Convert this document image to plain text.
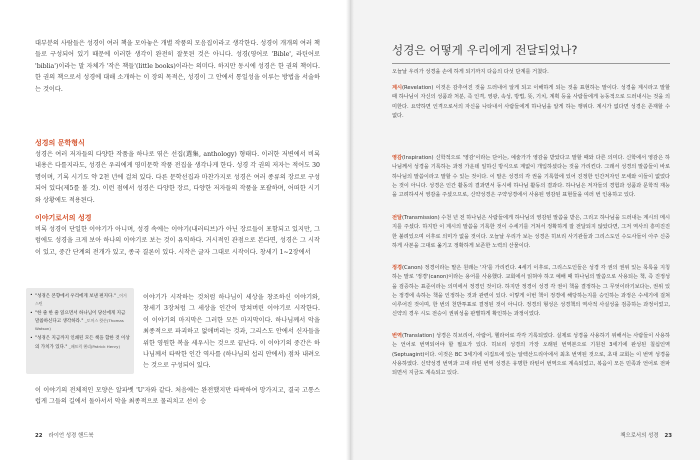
대부분의 사람들은 성경이 여러 책을 모아놓은 개별 작품의 모음집이라고 생각한다. 성경이 개개의 여러 책들로 구성되어 있기 때문에 이러한 생각이 완전히 잘못된 것은 아니다. 성경(영어로 'Bible', 라틴어로 'biblia')이라는 말 자체가 '작은 책들'(little books)이라는 의미다. 하지만 동시에 성경은 한 권의 책이다. 한 권의 책으로서 성경에 대해 소개하는 이 장의 목적은, 성경이 그 안에서 통일성을 이루는 방법을 서술하는 것이다.

성경의 문학형식

성경은 여러 저자들의 다양한 작품을 하나로 엮은 선집(選集, anthology) 형태다. 이러한 저변에서 비록 내용은 다를지라도, 성경은 우리에게 영미문학 작품 전집을 생각나게 한다. 성경 각 권의 저자는 적어도 30명이며, 기록 시기도 약 2천 년에 걸쳐 있다. 다른 문학선집과 마찬가지로 성경은 여러 종류의 장르로 구성되어 있다(제5를 볼 것). 이런 점에서 성경은 다양한 장르, 다양한 저자들의 작품을 포괄하며, 어떠한 시기와 상황에도 적용된다.

이야기로서의 성경

비록 성경이 단일한 이야기가 아니며, 성경 속에는 이야기(내러티브)가 아닌 장르들이 포함되고 있지만, 그럼에도 성경을 크게 보아 하나의 이야기로 보는 것이 유익하다. 거시적인 관점으로 본다면, 성경은 그 시작이 있고, 중간 단계의 전개가 있고, 종국 결론이 있다. 시작은 글자 그대로 시작이다. 창세기 1~2장에서

• "성경은 본향에서 우리에게 보낸 편지다." _어거스틴
• "한 줄 한 줄 읽으면서 하나님이 당신에게 지금 말씀하신다고 생각하라." _토머스 왓슨(Thomas Watson)
• "성경은 지금까지 인쇄된 모든 책을 합한 것 이상의 가치가 있다." _패트릭 헨리(Patrick Henry)

이야기가 시작하는 것처럼 하나님이 세상을 창조하신 이야기와, 창세기 3장처럼 그 세상을 인간이 망쳐버린 이야기로 시작한다. 이 이야기의 마지막은 그러한 모든 마지막이다. 하나님께서 악을 최종적으로 파괴하고 없애버리는 것과, 그리스도 안에서 신자들을 위한 영원한 복을 세우시는 것으로 끝난다. 이 이야기의 중간은 하나님께서 타락한 인간 역사를 (하나님의 섭리 안에서) 점차 내려오는 것으로 구성되어 있다.

이 이야기의 전체적인 모양은 알파벳 'U'자와 같다. 처음에는 완전했지만 타락하여 망가지고, 결국 고통스럽게 그들의 길에서 돌아서서 악을 최종적으로 물리치고 선이 승

22 라이언 성경 핸드북
성경은 어떻게 우리에게 전달되었나?

오늘날 우리가 성경을 손에 하게 되기까지 다음의 다섯 단계를 거쳤다.

계시(Revelation) 이것은 감추어진 것을 드러내어 알게 되고 이해하게 되는 것을 표현하는 말이다. 성경을 계시라고 말할 때 하나님이 자신의 성품과 처분, 즉 인격, 영광, 속성, 방법, 뜻, 기치, 계획 등을 사람들에게 능동적으로 드러내시는 것을 의미한다. 요약하면 인격으로서의 자신을 나타내서 사람들에게 하나님을 알게 하는 행위다. 계시가 없다면 성경은 존재할 수 없다.

영감(Inspiration) 신학적으로 '영감'이라는 단어는, 예술가가 영감을 받았다고 말할 때와 다른 의미다. 신학에서 영감은 하나님께서 성경을 기록하는 과정 가운데 일하신 방식으로 계없이 개입하셨다는 것을 가리킨다. 그래서 성경의 말씀들이 바로 하나님의 말씀이라고 말할 수 있는 것이다. 이 말은 성경의 각 권을 기록함에 있어 진정한 인간저자인 모세와 이들이 없었다는 것이 아니다. 성경은 인간 활동의 결과면서 동시에 하나님 활동의 결과다. 하나님은 저자들의 경험과 성품과 문학적 재능을 고려하셔서 영감을 주셨으므로, 신약성경은 구약성경에서 사용된 영감된 표현들을 여러 번 인용하고 있다.

전달(Transmission) 수천 년 전 하나님은 사람들에게 하나님의 영감된 말씀을 받은, 그리고 하나님을 드러내는 계시의 메시지를 주셨다. 하지만 이 계시의 말씀을 기록한 것이 수세기를 거쳐서 정확하게 잘 전달되지 않았다면, 그저 역사의 흥미진진한 불려있으며 이후로 의미가 없을 것이다. 오늘날 우리가 보는 성경은 히브리 사기관들과 그리스도인 수도사들이 아주 신중하게 사본을 그대로 옮기고 정확하게 보존한 노력의 산물이다.

정경(Canon) 정경이라는 말은 원래는 '자'를 가리킨다. 4세기 이후로, 그리스도인들은 성경 각 권의 권위 있는 목록을 지칭하는 말로 '정경'(canon)이라는 용어를 사용했다. 교회에서 읽혀야 하고 예배 때 하나님의 말씀으로 사용되는 책, 즉 진정성을 검증하는 표준이라는 의미에서 정경인 것이다. 하지만 정경이 성경 각 권이 책을 결정하는 그 무엇이라기보다는, 권위 있는 정경에 속하는 책을 인정하는 것과 관련이 있다. 이렇게 이번 책이 정경에 해당하는지를 승인하는 과정은 수세기에 걸쳐 이루어진 것이며, 한 번의 천반투표로 결정된 것이 아니다. 정경의 형성은 성경책의 역사적 사실성을 검증하는 과정이었고, 신약의 경우 시도 전승이 권위성을 판별하게 확인하는 과정이었다.

번역(Translation) 성경은 히브리어, 아람어, 헬라어로 각각 기록되었다. 실제로 성경을 사용하기 위해서는 사람들이 사용하는 언어로 번역되어야 할 필요가 있다. 히브리 성경의 가장 오래된 번역본으로 기원전 3세기에 완성된 칠십인역(Septuagint)이다. 이것은 BC 3세기에 이집트에 있는 알렉산드리아에서 최초 번역된 것으로, 초대 교회는 이 번역 성경을 사용하였다. 신약성경 번역과 고대 라틴 번역 성경은 유명한 라틴어 번역으로 계속되었고, 복음이 모든 민족과 언어로 전파되면서 지금도 계속되고 있다.

책으로서의 성경 23
